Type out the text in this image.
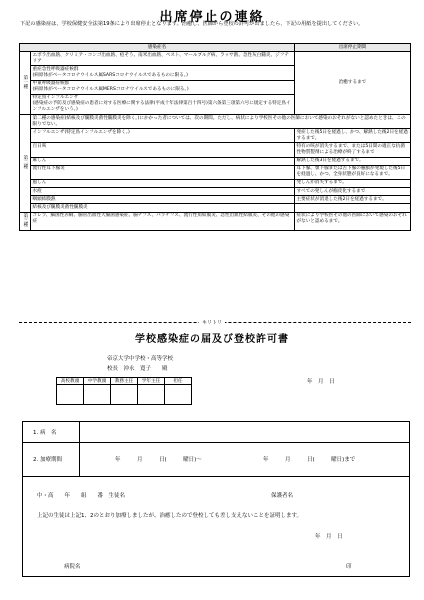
出席停止の連絡
下記の感染症は、学校保健安全法第19条により出席停止となります。治癒し、医師から登校の許可が出ましたら、下記の用紙を提出してください。
感染症名		出席停止期間
第一種	エボラ出血熱、クリミア・コンゴ出血熱、痘そう、南米出血熱、ペスト、マールブルグ病、ラッサ熱、急性灰白髄炎、ジフテリア	治癒するまで
	重症急性呼吸器症候群
(病原体がベータコロナウイルス属SARSコロナウイルスであるものに限る。)	
	中東呼吸器症候群
(病原体がベータコロナウイルス属MERSコロナウイルスであるものに限る。)	
	特定鳥インフルエンザ
(感染症の予防及び感染症の患者に対する医療に関する法律(平成十年法律第百十四号)第六条第三項第六号に規定する特定鳥インフルエンザをいう。)	
第二種	第二種の感染症(結核及び髄膜炎菌性髄膜炎を除く。)にかかった者については、次の期間。ただし、病状により学校医その他の医師において感染のおそれがないと認めたときは、この限りでない。	
	インフルエンザ(特定鳥インフルエンザを除く。)	発症した後5日を経過し、かつ、解熱した後2日を経過するまで。
	百日咳	特有の咳が消失するまで、または5日間の適正な抗菌性物質製剤による治療が終了するまで
	麻しん	解熱した後3日を経過するまで。
	流行性耳下腺炎	耳下腺、顎下腺または舌下腺の腫脹が発現した後5日を経過し、かつ、全身状態が良好になるまで。
	風しん	発しんが消失するまで。
	水痘	すべての発しんが痂皮化するまで
	咽頭結膜熱	主要症状が消退した後2日を経過するまで。
	結核及び髄膜炎菌性髄膜炎	
第三種	コレラ、細菌性赤痢、腸管出血性大腸菌感染症、腸チフス、パラチフス、流行性角結膜炎、急性出血性結膜炎、その他の感染症	症状により学校医その他の医師において感染のおそれがないと認めるまで。
キリトリ
学校感染症の届及び登校許可書
帝京大学中学校・高等学校
校長　沖永　寛子　　殿
高校教頭	中学教頭	教務主任	学年主任	担任
					年　月　日
1. 病　名
2. 加療期間	年　　　月　　　日(　　　曜日)〜	年　　　月　　　日(　　　曜日)まで
中・高　　年　　組　　番　生徒名	保護者名
上記の生徒は上記1、2のとおり加療しましたが、治癒したので登校しても差し支えないことを証明します。
年　月　日
病院名	印
